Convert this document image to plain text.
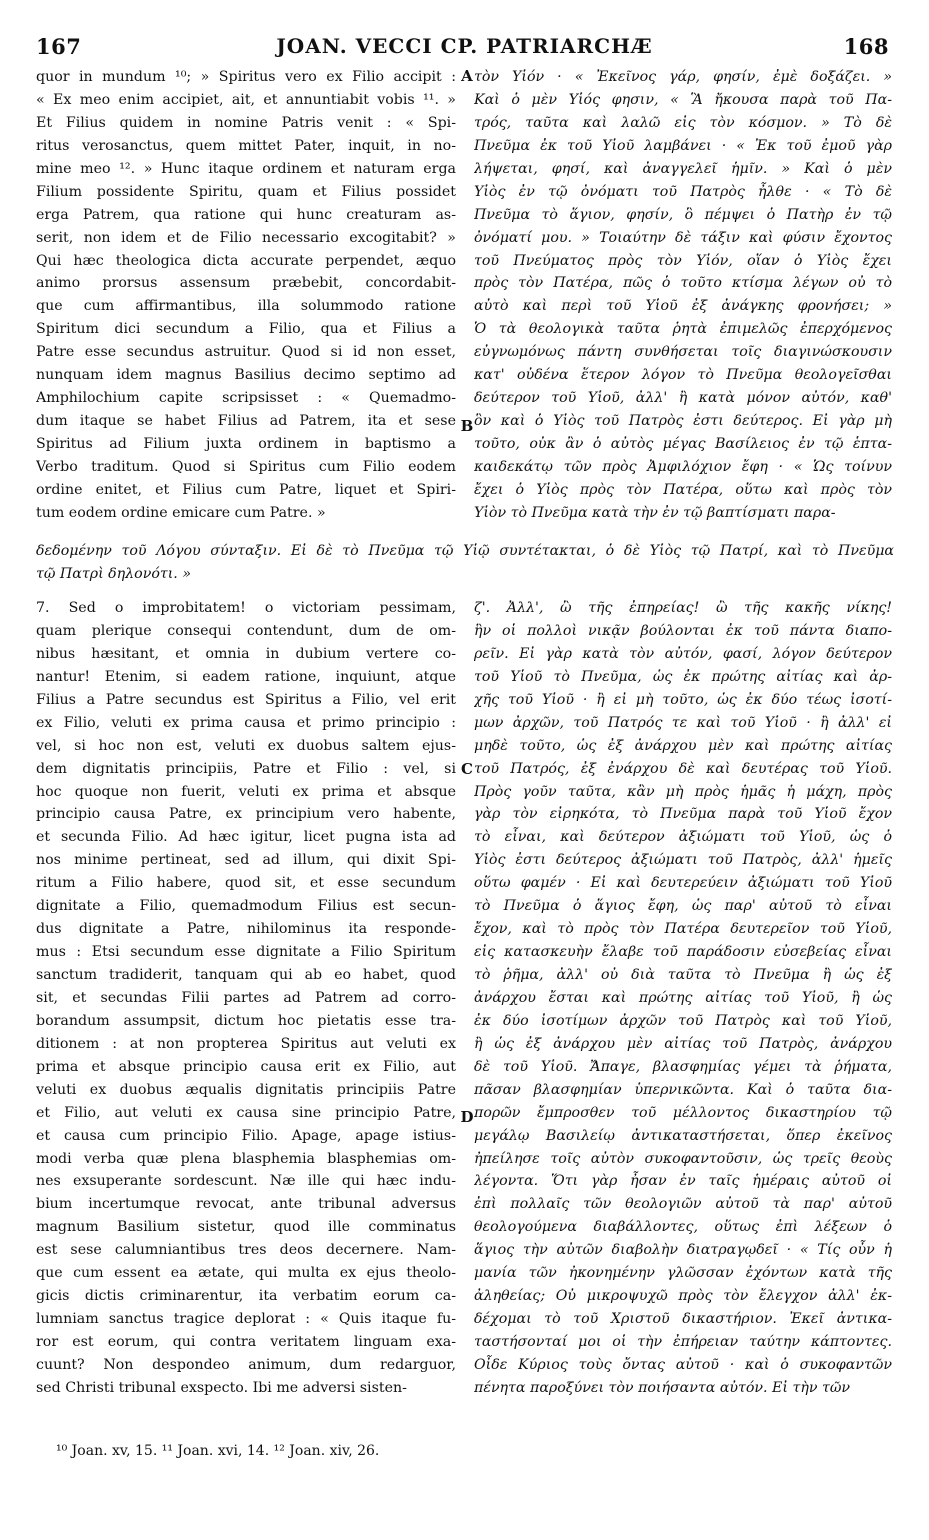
167	JOAN. VECCI CP. PATRIARCHÆ	168
A
B
C
D
quor in mundum ¹⁰; » Spiritus vero ex Filio accipit :
« Ex meo enim accipiet, ait, et annuntiabit vobis ¹¹. »
Et Filius quidem in nomine Patris venit : « Spi-
ritus verosanctus, quem mittet Pater, inquit, in no-
mine meo ¹². » Hunc itaque ordinem et naturam erga
Filium possidente Spiritu, quam et Filius possidet
erga Patrem, qua ratione qui hunc creaturam as-
serit, non idem et de Filio necessario excogitabit? »
Qui hæc theologica dicta accurate perpendet, æquo
animo prorsus assensum præbebit, concordabit-
que cum affirmantibus, illa solummodo ratione
Spiritum dici secundum a Filio, qua et Filius a
Patre esse secundus astruitur. Quod si id non esset,
nunquam idem magnus Basilius decimo septimo ad
Amphilochium capite scripsisset : « Quemadmo-
dum itaque se habet Filius ad Patrem, ita et sese
Spiritus ad Filium juxta ordinem in baptismo a
Verbo traditum. Quod si Spiritus cum Filio eodem
ordine enitet, et Filius cum Patre, liquet et Spiri-
tum eodem ordine emicare cum Patre. »
τὸν Υἱόν · « Ἐκεῖνος γάρ, φησίν, ἐμὲ δοξάζει. »
Καὶ ὁ μὲν Υἱός φησιν, « Ἃ ἤκουσα παρὰ τοῦ Πα-
τρός, ταῦτα καὶ λαλῶ εἰς τὸν κόσμον. » Τὸ δὲ
Πνεῦμα ἐκ τοῦ Υἱοῦ λαμβάνει · « Ἐκ τοῦ ἐμοῦ γὰρ
λήψεται, φησί, καὶ ἀναγγελεῖ ἡμῖν. » Καὶ ὁ μὲν
Υἱὸς ἐν τῷ ὀνόματι τοῦ Πατρὸς ἦλθε · « Τὸ δὲ
Πνεῦμα τὸ ἅγιον, φησίν, ὃ πέμψει ὁ Πατὴρ ἐν τῷ
ὀνόματί μου. » Τοιαύτην δὲ τάξιν καὶ φύσιν ἔχοντος
τοῦ Πνεύματος πρὸς τὸν Υἱόν, οἵαν ὁ Υἱὸς ἔχει
πρὸς τὸν Πατέρα, πῶς ὁ τοῦτο κτίσμα λέγων οὐ τὸ
αὐτὸ καὶ περὶ τοῦ Υἱοῦ ἐξ ἀνάγκης φρονήσει; »
Ὁ τὰ θεολογικὰ ταῦτα ῥητὰ ἐπιμελῶς ἐπερχόμενος
εὐγνωμόνως πάντη συνθήσεται τοῖς διαγινώσκουσιν
κατ' οὐδένα ἕτερον λόγον τὸ Πνεῦμα θεολογεῖσθαι
δεύτερον τοῦ Υἱοῦ, ἀλλ' ἢ κατὰ μόνον αὐτόν, καθ'
ὃν καὶ ὁ Υἱὸς τοῦ Πατρὸς ἐστι δεύτερος. Εἰ γὰρ μὴ
τοῦτο, οὐκ ἂν ὁ αὐτὸς μέγας Βασίλειος ἐν τῷ ἑπτα-
καιδεκάτῳ τῶν πρὸς Ἀμφιλόχιον ἔφη · « Ὡς τοίνυν
ἔχει ὁ Υἱὸς πρὸς τὸν Πατέρα, οὕτω καὶ πρὸς τὸν
Υἱὸν τὸ Πνεῦμα κατὰ τὴν ἐν τῷ βαπτίσματι παρα-
δεδομένην τοῦ Λόγου σύνταξιν. Εἰ δὲ τὸ Πνεῦμα τῷ Υἱῷ συντέτακται, ὁ δὲ Υἱὸς τῷ Πατρί, καὶ τὸ Πνεῦμα
τῷ Πατρὶ δηλονότι. »
7. Sed o improbitatem! o victoriam pessimam,
quam plerique consequi contendunt, dum de om-
nibus hæsitant, et omnia in dubium vertere co-
nantur! Etenim, si eadem ratione, inquiunt, atque
Filius a Patre secundus est Spiritus a Filio, vel erit
ex Filio, veluti ex prima causa et primo principio :
vel, si hoc non est, veluti ex duobus saltem ejus-
dem dignitatis principiis, Patre et Filio : vel, si
hoc quoque non fuerit, veluti ex prima et absque
principio causa Patre, ex principium vero habente,
et secunda Filio. Ad hæc igitur, licet pugna ista ad
nos minime pertineat, sed ad illum, qui dixit Spi-
ritum a Filio habere, quod sit, et esse secundum
dignitate a Filio, quemadmodum Filius est secun-
dus dignitate a Patre, nihilominus ita responde-
mus : Etsi secundum esse dignitate a Filio Spiritum
sanctum tradiderit, tanquam qui ab eo habet, quod
sit, et secundas Filii partes ad Patrem ad corro-
borandum assumpsit, dictum hoc pietatis esse tra-
ditionem : at non propterea Spiritus aut veluti ex
prima et absque principio causa erit ex Filio, aut
veluti ex duobus æqualis dignitatis principiis Patre
et Filio, aut veluti ex causa sine principio Patre,
et causa cum principio Filio. Apage, apage istius-
modi verba quæ plena blasphemia blasphemias om-
nes exsuperante sordescunt. Næ ille qui hæc indu-
bium incertumque revocat, ante tribunal adversus
magnum Basilium sistetur, quod ille comminatus
est sese calumniantibus tres deos decernere. Nam-
que cum essent ea ætate, qui multa ex ejus theolo-
gicis dictis criminarentur, ita verbatim eorum ca-
lumniam sanctus tragice deplorat : « Quis itaque fu-
ror est eorum, qui contra veritatem linguam exa-
cuunt? Non despondeo animum, dum redarguor,
sed Christi tribunal exspecto. Ibi me adversi sisten-
ζ'. Ἀλλ', ὢ τῆς ἐπηρείας! ὢ τῆς κακῆς νίκης!
ἣν οἱ πολλοὶ νικᾷν βούλονται ἐκ τοῦ πάντα διαπο-
ρεῖν. Εἰ γὰρ κατὰ τὸν αὐτόν, φασί, λόγον δεύτερον
τοῦ Υἱοῦ τὸ Πνεῦμα, ὡς ἐκ πρώτης αἰτίας καὶ ἀρ-
χῆς τοῦ Υἱοῦ · ἢ εἰ μὴ τοῦτο, ὡς ἐκ δύο τέως ἰσοτί-
μων ἀρχῶν, τοῦ Πατρός τε καὶ τοῦ Υἱοῦ · ἢ ἀλλ' εἰ
μηδὲ τοῦτο, ὡς ἐξ ἀνάρχου μὲν καὶ πρώτης αἰτίας
τοῦ Πατρός, ἐξ ἐνάρχου δὲ καὶ δευτέρας τοῦ Υἱοῦ.
Πρὸς γοῦν ταῦτα, κἂν μὴ πρὸς ἡμᾶς ἡ μάχη, πρὸς
γὰρ τὸν εἰρηκότα, τὸ Πνεῦμα παρὰ τοῦ Υἱοῦ ἔχον
τὸ εἶναι, καὶ δεύτερον ἀξιώματι τοῦ Υἱοῦ, ὡς ὁ
Υἱὸς ἐστι δεύτερος ἀξιώματι τοῦ Πατρὸς, ἀλλ' ἡμεῖς
οὕτω φαμέν · Εἰ καὶ δευτερεύειν ἀξιώματι τοῦ Υἱοῦ
τὸ Πνεῦμα ὁ ἅγιος ἔφη, ὡς παρ' αὐτοῦ τὸ εἶναι
ἔχον, καὶ τὸ πρὸς τὸν Πατέρα δευτερεῖον τοῦ Υἱοῦ,
εἰς κατασκευὴν ἔλαβε τοῦ παράδοσιν εὐσεβείας εἶναι
τὸ ῥῆμα, ἀλλ' οὐ διὰ ταῦτα τὸ Πνεῦμα ἢ ὡς ἐξ
ἀνάρχου ἔσται καὶ πρώτης αἰτίας τοῦ Υἱοῦ, ἢ ὡς
ἐκ δύο ἰσοτίμων ἀρχῶν τοῦ Πατρὸς καὶ τοῦ Υἱοῦ,
ἢ ὡς ἐξ ἀνάρχου μὲν αἰτίας τοῦ Πατρὸς, ἀνάρχου
δὲ τοῦ Υἱοῦ. Ἄπαγε, βλασφημίας γέμει τὰ ῥήματα,
πᾶσαν βλασφημίαν ὑπερνικῶντα. Καὶ ὁ ταῦτα δια-
πορῶν ἔμπροσθεν τοῦ μέλλοντος δικαστηρίου τῷ
μεγάλῳ Βασιλείῳ ἀντικαταστήσεται, ὅπερ ἐκεῖνος
ἠπείλησε τοῖς αὐτὸν συκοφαντοῦσιν, ὡς τρεῖς θεοὺς
λέγοντα. Ὅτι γὰρ ἦσαν ἐν ταῖς ἡμέραις αὐτοῦ οἱ
ἐπὶ πολλαῖς τῶν θεολογιῶν αὐτοῦ τὰ παρ' αὐτοῦ
θεολογούμενα διαβάλλοντες, οὕτως ἐπὶ λέξεων ὁ
ἅγιος τὴν αὐτῶν διαβολὴν διατραγῳδεῖ · « Τίς οὖν ἡ
μανία τῶν ἠκονημένην γλῶσσαν ἐχόντων κατὰ τῆς
ἀληθείας; Οὐ μικροψυχῶ πρὸς τὸν ἔλεγχον ἀλλ' ἐκ-
δέχομαι τὸ τοῦ Χριστοῦ δικαστήριον. Ἐκεῖ ἀντικα-
ταστήσονταί μοι οἱ τὴν ἐπήρειαν ταύτην κάπτοντες.
Οἶδε Κύριος τοὺς ὄντας αὐτοῦ · καὶ ὁ συκοφαντῶν
πένητα παροξύνει τὸν ποιήσαντα αὐτόν. Εἰ τὴν τῶν
¹⁰ Joan. xv, 15. ¹¹ Joan. xvi, 14. ¹² Joan. xiv, 26.
